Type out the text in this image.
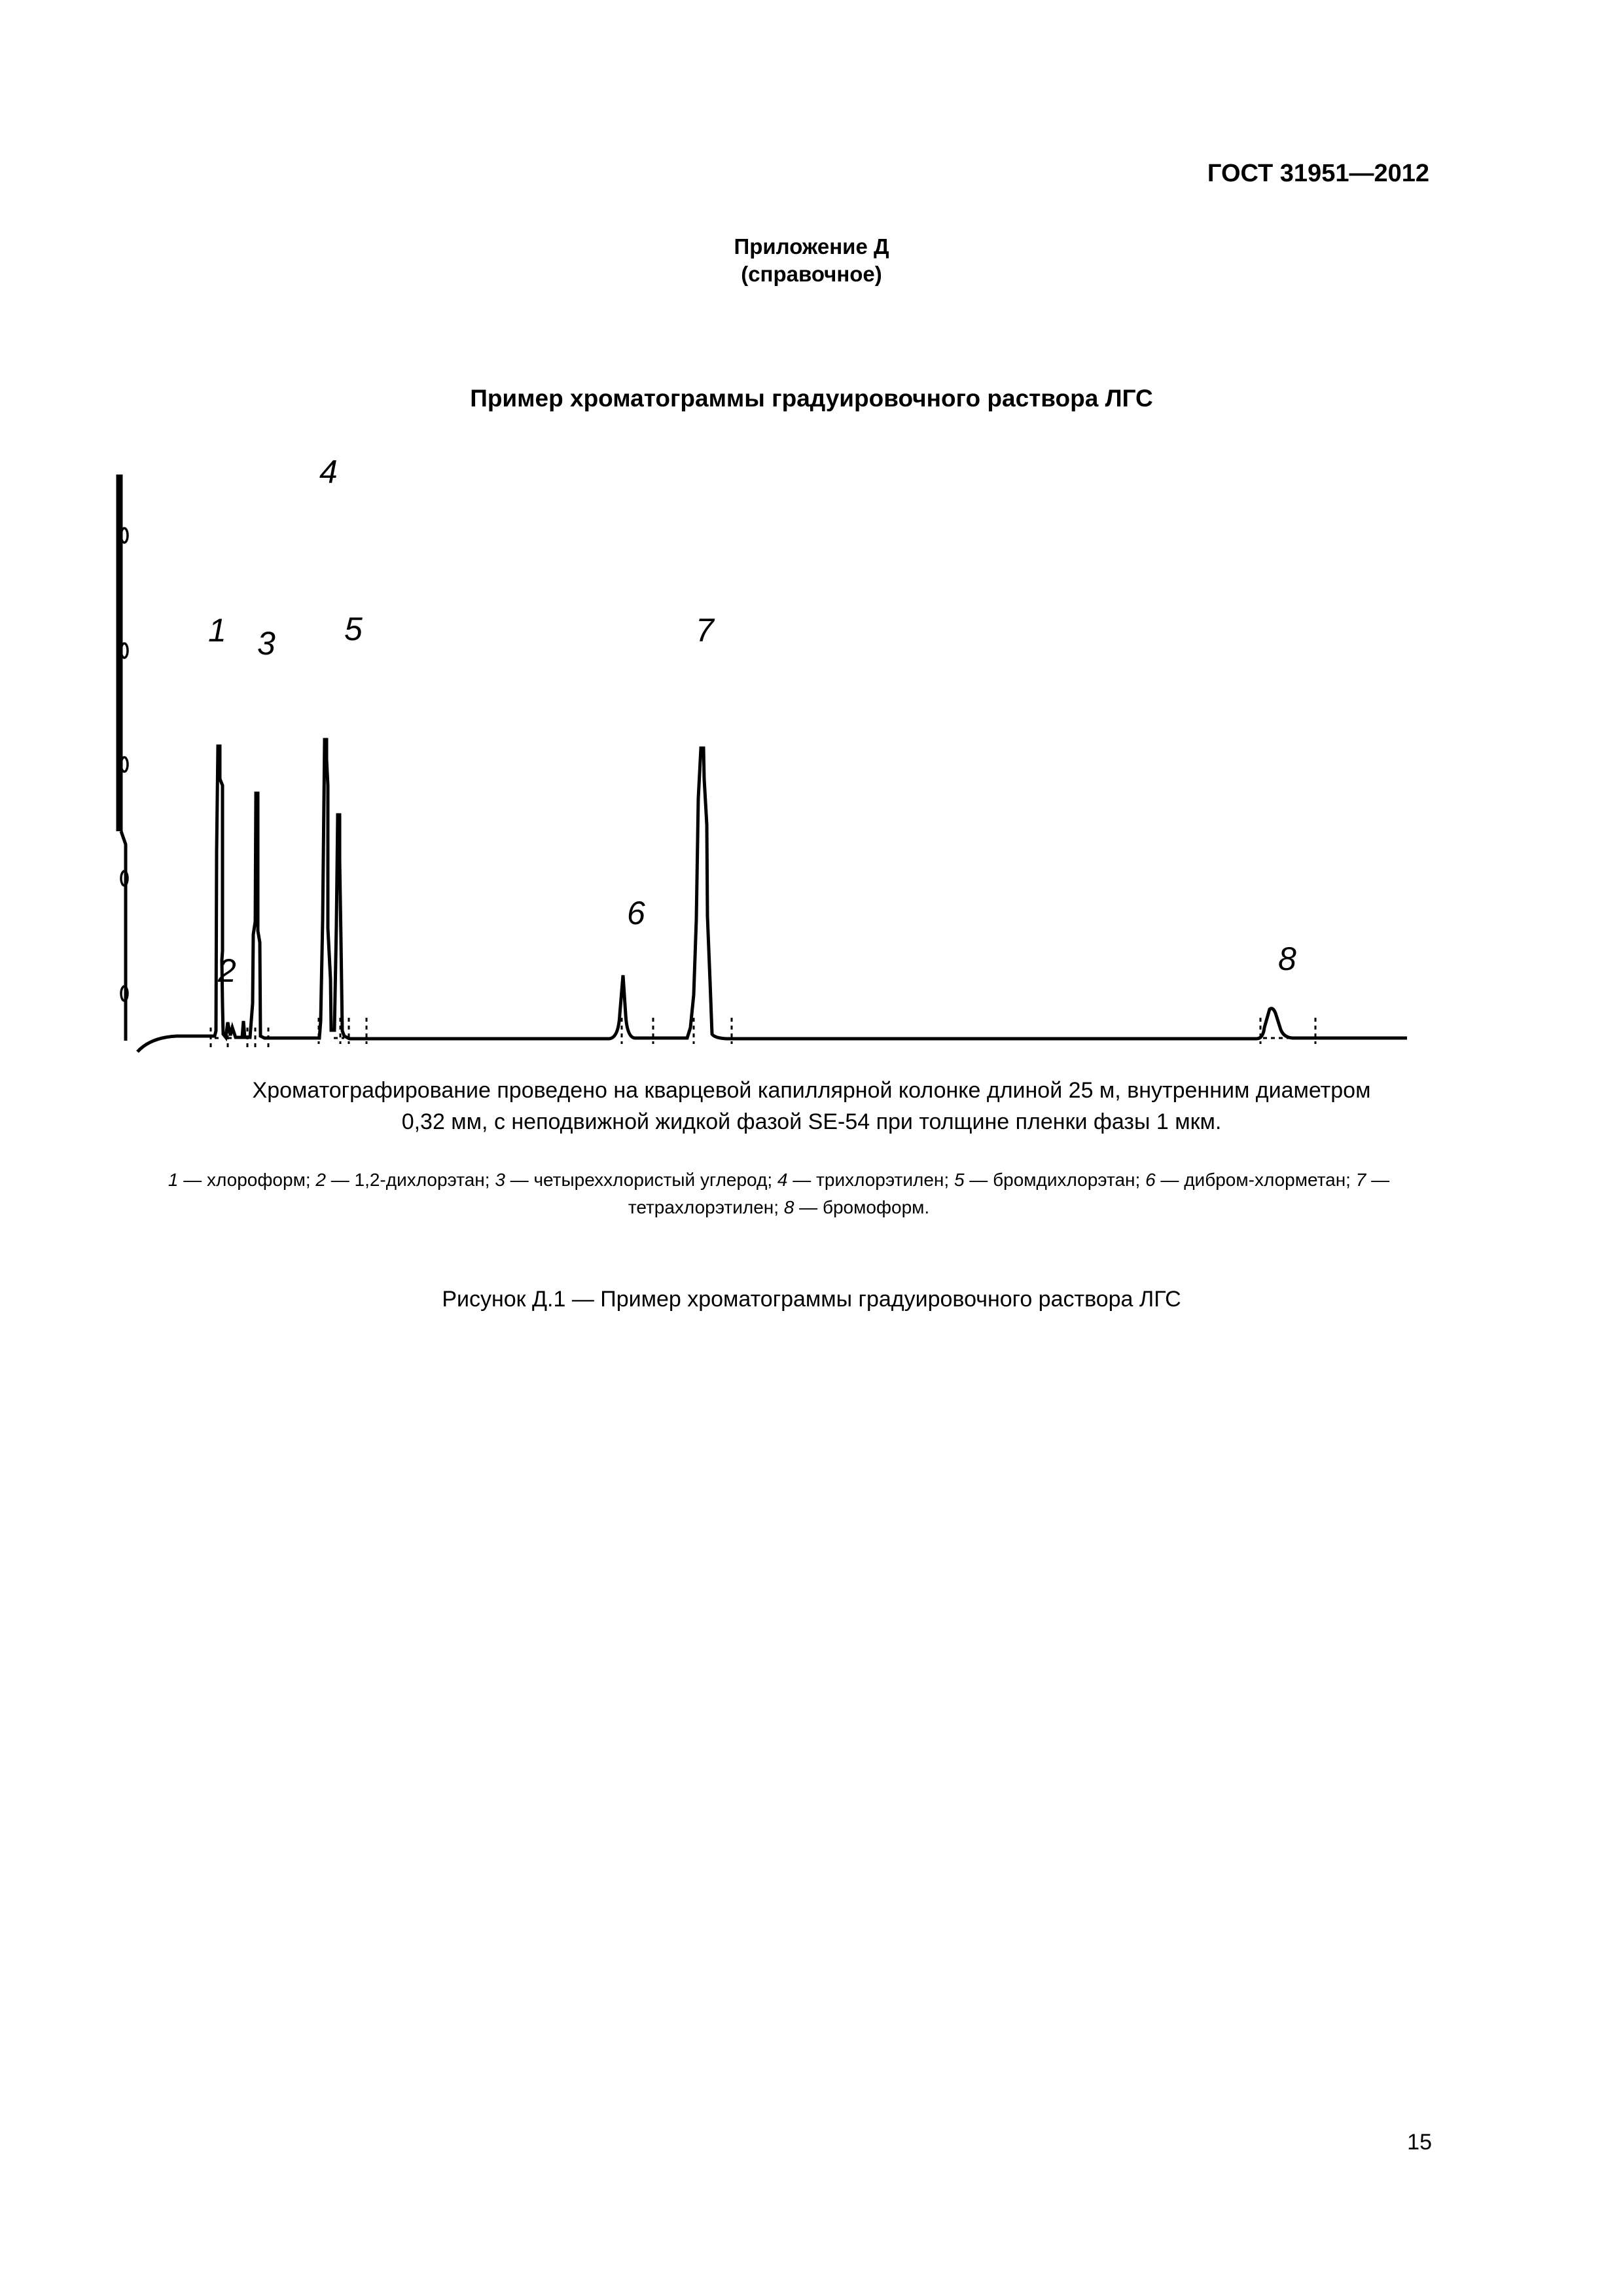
ГОСТ 31951—2012
Приложение Д
(справочное)
Пример хроматограммы градуировочного раствора ЛГС
1
2
3
4
5
6
7
8
Хроматографирование проведено на кварцевой капиллярной колонке длиной 25 м, внутренним диаметром
0,32 мм, с неподвижной жидкой фазой SE-54 при толщине пленки фазы 1 мкм.
1 — хлороформ; 2 — 1,2-дихлорэтан; 3 — четыреххлористый углерод; 4 — трихлорэтилен; 5 — бромдихлорэтан; 6 — дибром-хлорметан; 7 — тетрахлорэтилен; 8 — бромоформ.
Рисунок Д.1 — Пример хроматограммы градуировочного раствора ЛГС
15
